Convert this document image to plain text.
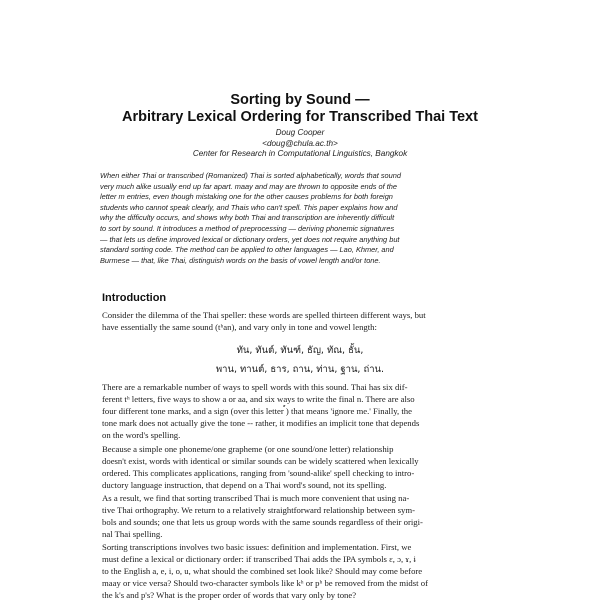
Sorting by Sound —
Arbitrary Lexical Ordering for Transcribed Thai Text
Doug Cooper
<doug@chula.ac.th>
Center for Research in Computational Linguistics, Bangkok
When either Thai or transcribed (Romanized) Thai is sorted alphabetically, words that sound
very much alike usually end up far apart. maay and may are thrown to opposite ends of the
letter m entries, even though mistaking one for the other causes problems for both foreign
students who cannot speak clearly, and Thais who can't spell. This paper explains how and
why the difficulty occurs, and shows why both Thai and transcription are inherently difficult
to sort by sound. It introduces a method of preprocessing — deriving phonemic signatures
— that lets us define improved lexical or dictionary orders, yet does not require anything but
standard sorting code. The method can be applied to other languages — Lao, Khmer, and
Burmese — that, like Thai, distinguish words on the basis of vowel length and/or tone.
Introduction
Consider the dilemma of the Thai speller: these words are spelled thirteen different ways, but
have essentially the same sound (tʰan), and vary only in tone and vowel length:
ทัน, ทันต์, ทันฑ์, ธัญ, ทัณ, ธั้น,
พาน, ทานต์, ธาร, ถาน, ท่าน, ฐาน, ถ่าน.
There are a remarkable number of ways to spell words with this sound. Thai has six dif-
ferent tʰ letters, five ways to show a or aa, and six ways to write the final n. There are also
four different tone marks, and a sign (over this letter ์) that means 'ignore me.' Finally, the
tone mark does not actually give the tone -- rather, it modifies an implicit tone that depends
on the word's spelling.
Because a simple one phoneme/one grapheme (or one sound/one letter) relationship
doesn't exist, words with identical or similar sounds can be widely scattered when lexically
ordered. This complicates applications, ranging from 'sound-alike' spell checking to intro-
ductory language instruction, that depend on a Thai word's sound, not its spelling.
As a result, we find that sorting transcribed Thai is much more convenient that using na-
tive Thai orthography. We return to a relatively straightforward relationship between sym-
bols and sounds; one that lets us group words with the same sounds regardless of their origi-
nal Thai spelling.
Sorting transcriptions involves two basic issues: definition and implementation. First, we
must define a lexical or dictionary order: if transcribed Thai adds the IPA symbols ɛ, ɔ, ɤ, ɨ
to the English a, e, i, o, u, what should the combined set look like? Should may come before
maay or vice versa? Should two-character symbols like kʰ or pʰ be removed from the midst of
the k's and p's? What is the proper order of words that vary only by tone?
